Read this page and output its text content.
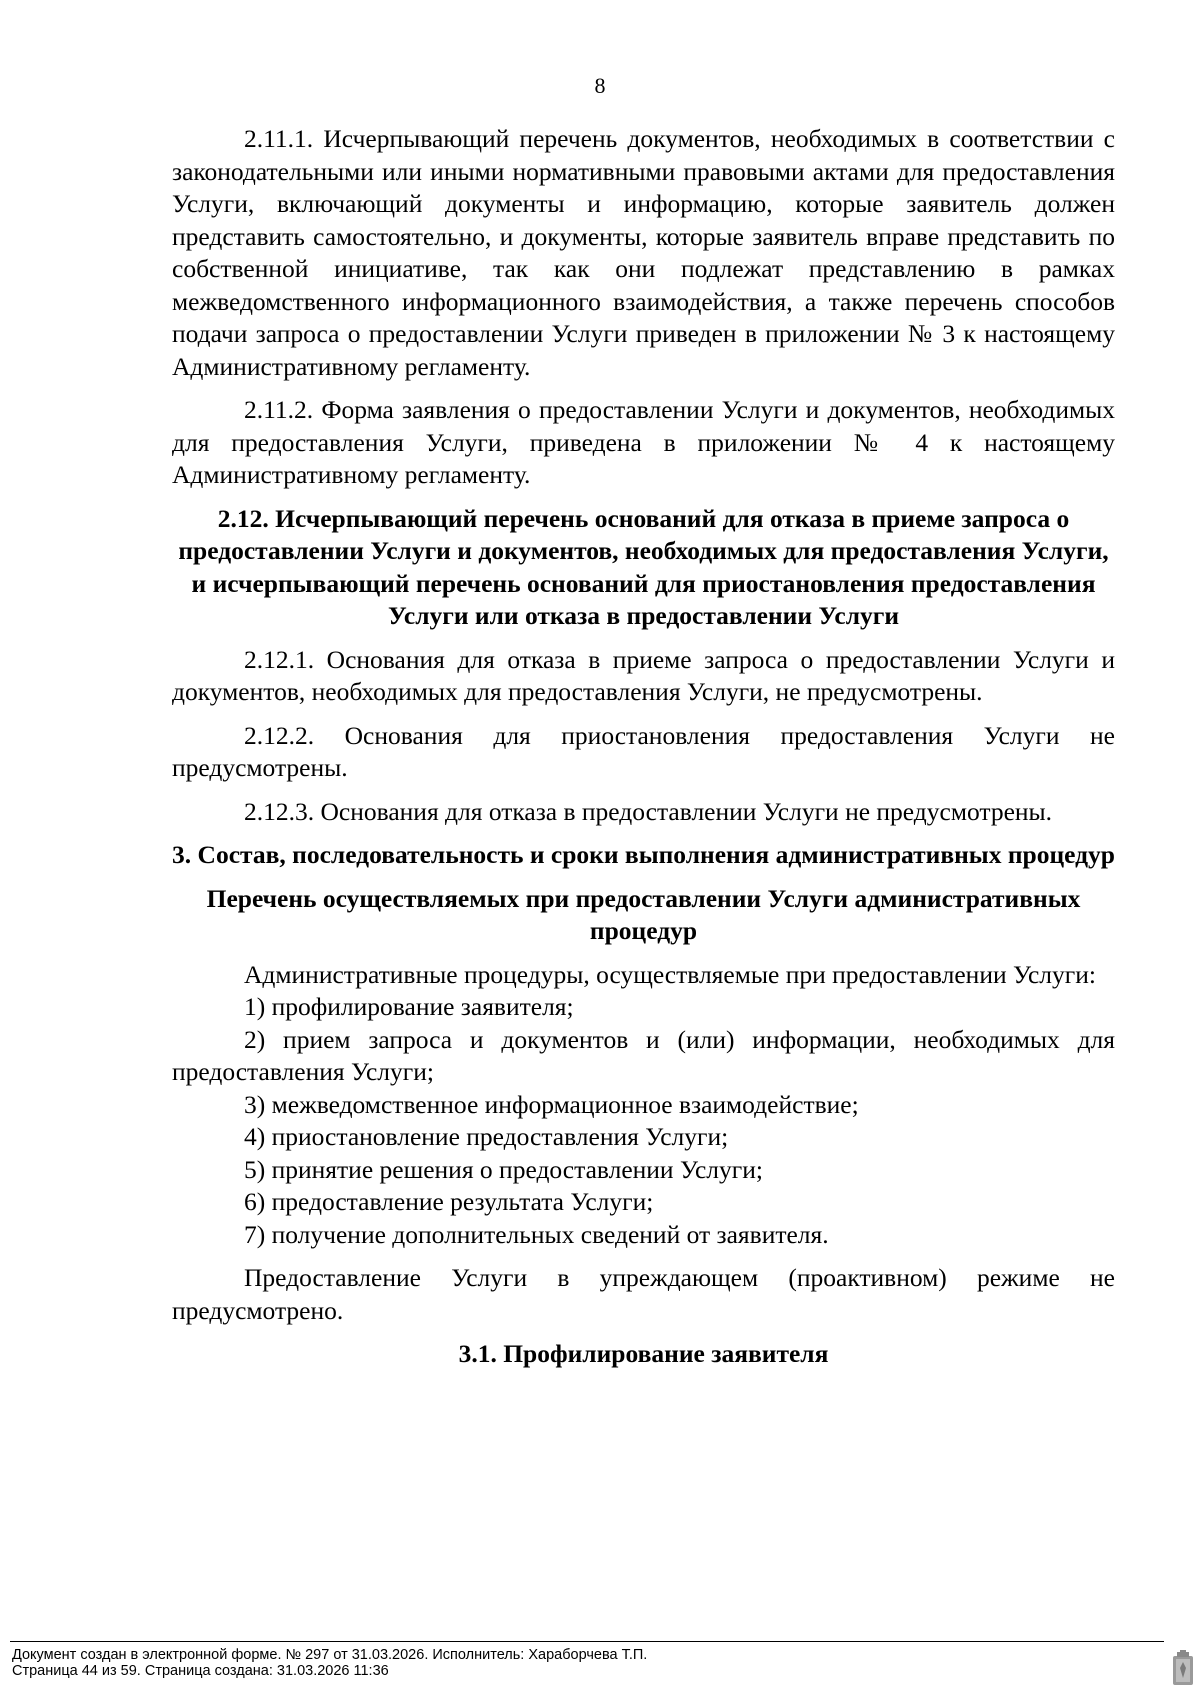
8

2.11.1. Исчерпывающий перечень документов, необходимых в соответствии с законодательными или иными нормативными правовыми актами для предоставления Услуги, включающий документы и информацию, которые заявитель должен представить самостоятельно, и документы, которые заявитель вправе представить по собственной инициативе, так как они подлежат представлению в рамках межведомственного информационного взаимодействия, а также перечень способов подачи запроса о предоставлении Услуги приведен в приложении № 3 к настоящему Административному регламенту.

2.11.2. Форма заявления о предоставлении Услуги и документов, необходимых для предоставления Услуги, приведена в приложении № 4 к настоящему Административному регламенту.

2.12. Исчерпывающий перечень оснований для отказа в приеме запроса о предоставлении Услуги и документов, необходимых для предоставления Услуги, и исчерпывающий перечень оснований для приостановления предоставления Услуги или отказа в предоставлении Услуги

2.12.1. Основания для отказа в приеме запроса о предоставлении Услуги и документов, необходимых для предоставления Услуги, не предусмотрены.

2.12.2. Основания для приостановления предоставления Услуги не предусмотрены.

2.12.3. Основания для отказа в предоставлении Услуги не предусмотрены.

3. Состав, последовательность и сроки выполнения административных процедур

Перечень осуществляемых при предоставлении Услуги административных процедур

Административные процедуры, осуществляемые при предоставлении Услуги:

1) профилирование заявителя;

2) прием запроса и документов и (или) информации, необходимых для предоставления Услуги;

3) межведомственное информационное взаимодействие;

4) приостановление предоставления Услуги;

5) принятие решения о предоставлении Услуги;

6) предоставление результата Услуги;

7) получение дополнительных сведений от заявителя.

Предоставление Услуги в упреждающем (проактивном) режиме не предусмотрено.

3.1. Профилирование заявителя

Документ создан в электронной форме. № 297 от 31.03.2026. Исполнитель: Хараборчева Т.П.
Страница 44 из 59. Страница создана: 31.03.2026 11:36
